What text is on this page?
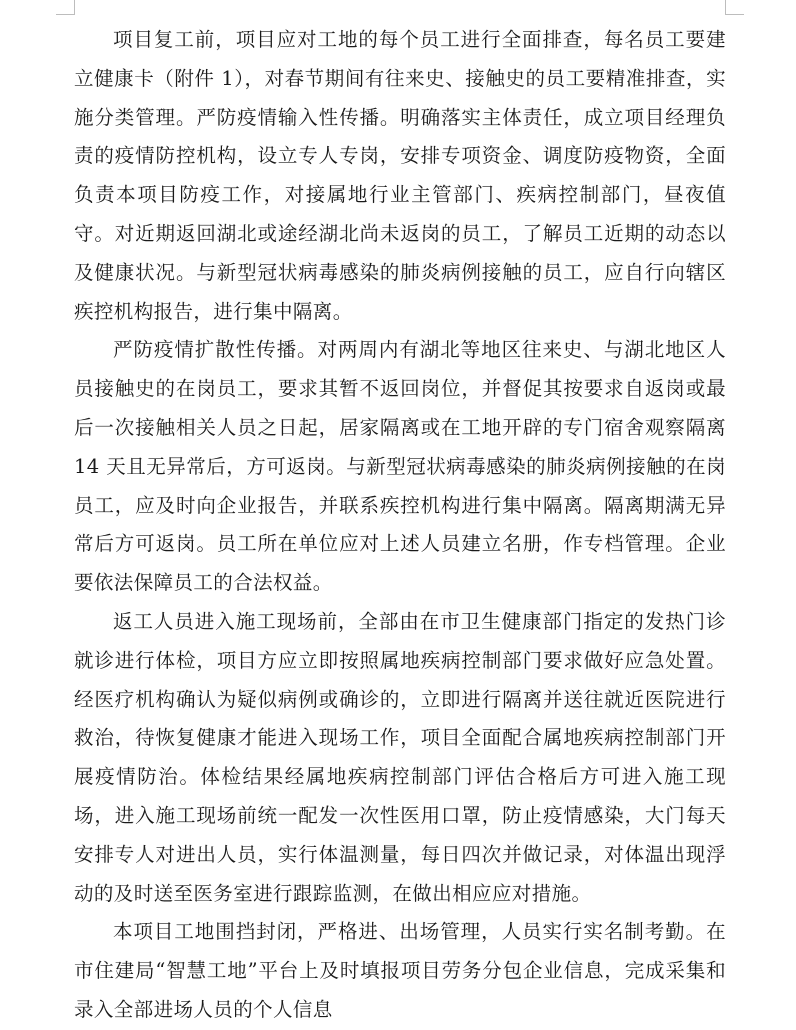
项目复工前，项目应对工地的每个员工进行全面排查，每名员工要建立健康卡（附件 1），对春节期间有往来史、接触史的员工要精准排查，实施分类管理。严防疫情输入性传播。明确落实主体责任，成立项目经理负责的疫情防控机构，设立专人专岗，安排专项资金、调度防疫物资，全面负责本项目防疫工作，对接属地行业主管部门、疾病控制部门，昼夜值守。对近期返回湖北或途经湖北尚未返岗的员工，了解员工近期的动态以及健康状况。与新型冠状病毒感染的肺炎病例接触的员工，应自行向辖区疾控机构报告，进行集中隔离。

严防疫情扩散性传播。对两周内有湖北等地区往来史、与湖北地区人员接触史的在岗员工，要求其暂不返回岗位，并督促其按要求自返岗或最后一次接触相关人员之日起，居家隔离或在工地开辟的专门宿舍观察隔离 14 天且无异常后，方可返岗。与新型冠状病毒感染的肺炎病例接触的在岗员工，应及时向企业报告，并联系疾控机构进行集中隔离。隔离期满无异常后方可返岗。员工所在单位应对上述人员建立名册，作专档管理。企业要依法保障员工的合法权益。

返工人员进入施工现场前，全部由在市卫生健康部门指定的发热门诊就诊进行体检，项目方应立即按照属地疾病控制部门要求做好应急处置。经医疗机构确认为疑似病例或确诊的，立即进行隔离并送往就近医院进行救治，待恢复健康才能进入现场工作，项目全面配合属地疾病控制部门开展疫情防治。体检结果经属地疾病控制部门评估合格后方可进入施工现场，进入施工现场前统一配发一次性医用口罩，防止疫情感染，大门每天安排专人对进出人员，实行体温测量，每日四次并做记录，对体温出现浮动的及时送至医务室进行跟踪监测，在做出相应应对措施。

本项目工地围挡封闭，严格进、出场管理，人员实行实名制考勤。在市住建局“智慧工地”平台上及时填报项目劳务分包企业信息，完成采集和录入全部进场人员的个人信息
